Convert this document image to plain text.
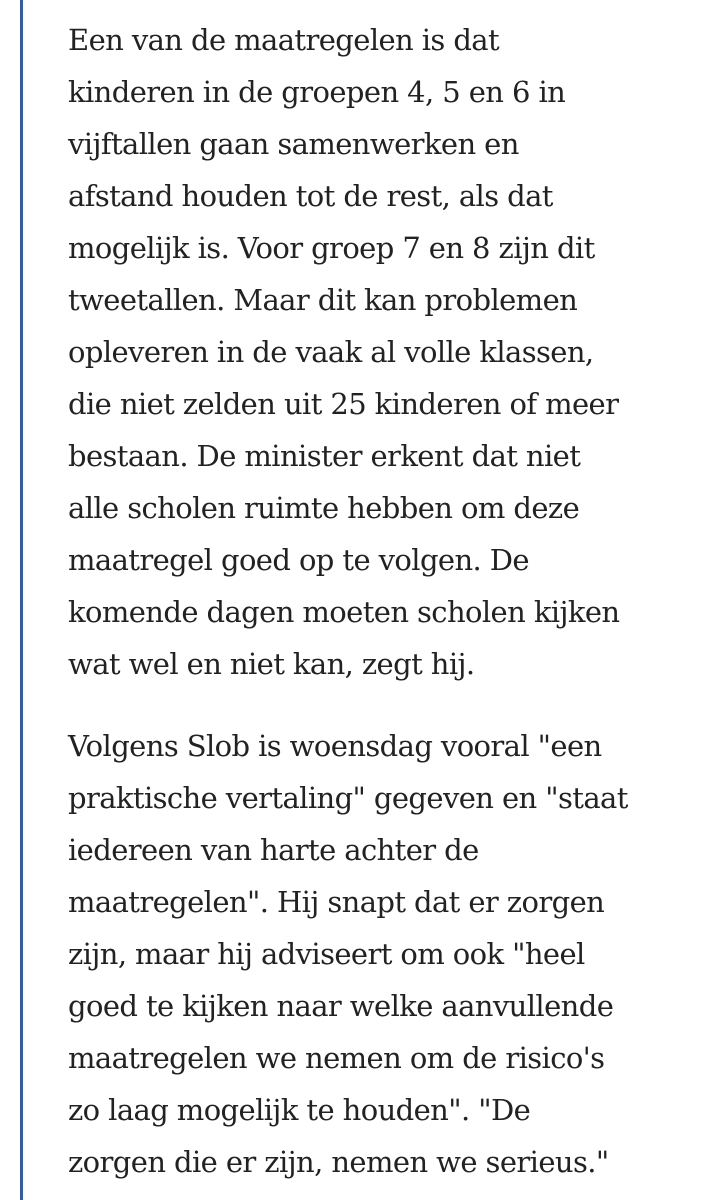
Een van de maatregelen is dat
kinderen in de groepen 4, 5 en 6 in
vijftallen gaan samenwerken en
afstand houden tot de rest, als dat
mogelijk is. Voor groep 7 en 8 zijn dit
tweetallen. Maar dit kan problemen
opleveren in de vaak al volle klassen,
die niet zelden uit 25 kinderen of meer
bestaan. De minister erkent dat niet
alle scholen ruimte hebben om deze
maatregel goed op te volgen. De
komende dagen moeten scholen kijken
wat wel en niet kan, zegt hij.

Volgens Slob is woensdag vooral "een
praktische vertaling" gegeven en "staat
iedereen van harte achter de
maatregelen". Hij snapt dat er zorgen
zijn, maar hij adviseert om ook "heel
goed te kijken naar welke aanvullende
maatregelen we nemen om de risico's
zo laag mogelijk te houden". "De
zorgen die er zijn, nemen we serieus."
